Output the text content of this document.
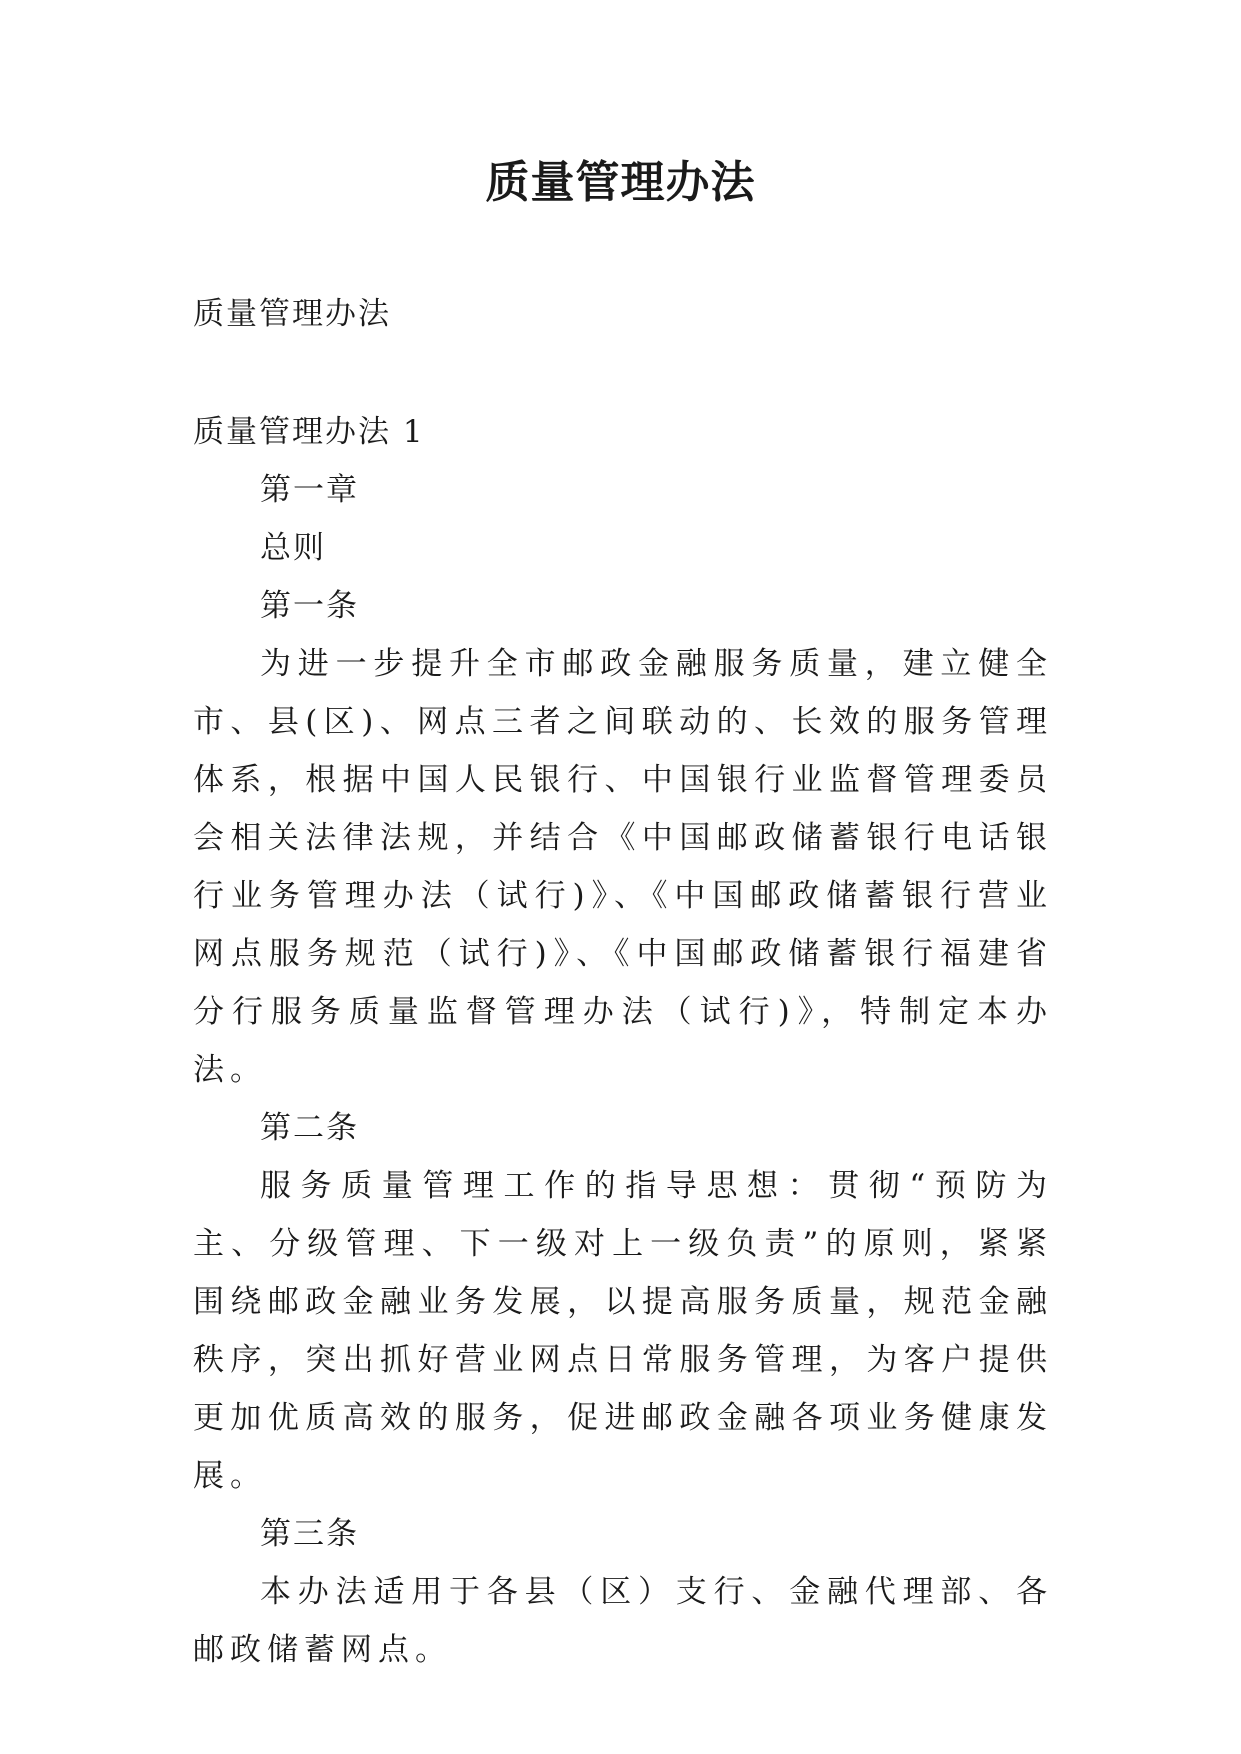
质量管理办法

质量管理办法

质量管理办法 1

第一章

总则

第一条

为进一步提升全市邮政金融服务质量，建立健全市、县(区)、网点三者之间联动的、长效的服务管理体系，根据中国人民银行、中国银行业监督管理委员会相关法律法规，并结合《中国邮政储蓄银行电话银行业务管理办法（试行)》、《中国邮政储蓄银行营业网点服务规范（试行)》、《中国邮政储蓄银行福建省分行服务质量监督管理办法（试行)》，特制定本办法。

第二条

服务质量管理工作的指导思想：贯彻“预防为主、分级管理、下一级对上一级负责”的原则，紧紧围绕邮政金融业务发展，以提高服务质量，规范金融秩序，突出抓好营业网点日常服务管理，为客户提供更加优质高效的服务，促进邮政金融各项业务健康发展。

第三条

本办法适用于各县（区）支行、金融代理部、各邮政储蓄网点。
